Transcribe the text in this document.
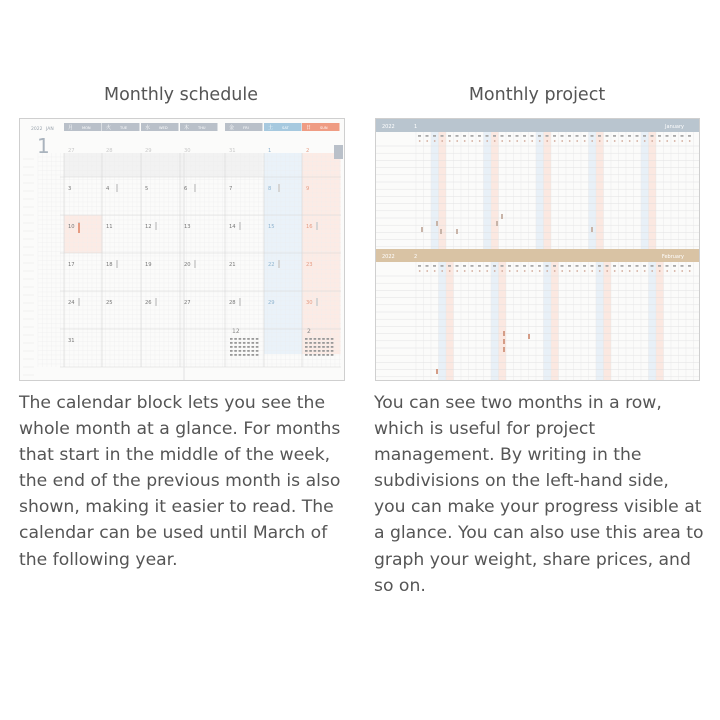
Monthly schedule	Monthly project
2022 JAN
1
月 MON	火 TUE	水 WED	木 THU	金 FRI	土 SAT	日 SUN
27	28	29	30	31	1	2
3	4	5	6	7	8	9
10	11	12	13	14	15	16
17	18	19	20	21	22	23
24	25	26	27	28	29	30
31
12	2
2022	1	January
2022	2	February
The calendar block lets you see the whole month at a glance. For months that start in the middle of the week, the end of the previous month is also shown, making it easier to read. The calendar can be used until March of the following year.
You can see two months in a row, which is useful for project management. By writing in the subdivisions on the left-hand side, you can make your progress visible at a glance. You can also use this area to graph your weight, share prices, and so on.
